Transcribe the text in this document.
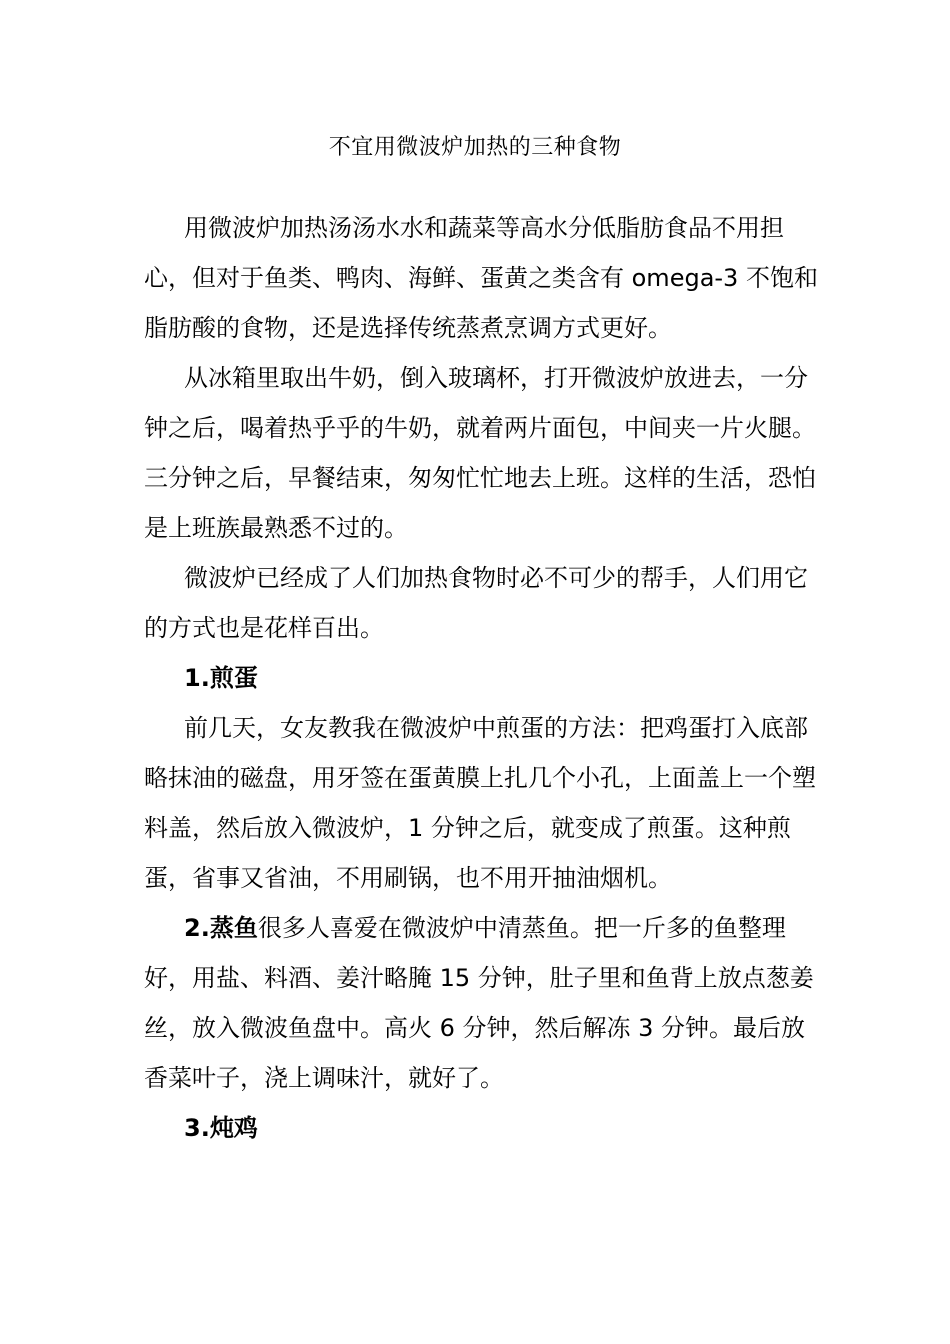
不宜用微波炉加热的三种食物

用微波炉加热汤汤水水和蔬菜等高水分低脂肪食品不用担心，但对于鱼类、鸭肉、海鲜、蛋黄之类含有 omega-3 不饱和脂肪酸的食物，还是选择传统蒸煮烹调方式更好。

从冰箱里取出牛奶，倒入玻璃杯，打开微波炉放进去，一分钟之后，喝着热乎乎的牛奶，就着两片面包，中间夹一片火腿。三分钟之后，早餐结束，匆匆忙忙地去上班。这样的生活，恐怕是上班族最熟悉不过的。

微波炉已经成了人们加热食物时必不可少的帮手，人们用它的方式也是花样百出。

1.煎蛋

前几天，女友教我在微波炉中煎蛋的方法：把鸡蛋打入底部略抹油的磁盘，用牙签在蛋黄膜上扎几个小孔，上面盖上一个塑料盖，然后放入微波炉，1 分钟之后，就变成了煎蛋。这种煎蛋，省事又省油，不用刷锅，也不用开抽油烟机。

2.蒸鱼很多人喜爱在微波炉中清蒸鱼。把一斤多的鱼整理好，用盐、料酒、姜汁略腌 15 分钟，肚子里和鱼背上放点葱姜丝，放入微波鱼盘中。高火 6 分钟，然后解冻 3 分钟。最后放香菜叶子，浇上调味汁，就好了。

3.炖鸡
